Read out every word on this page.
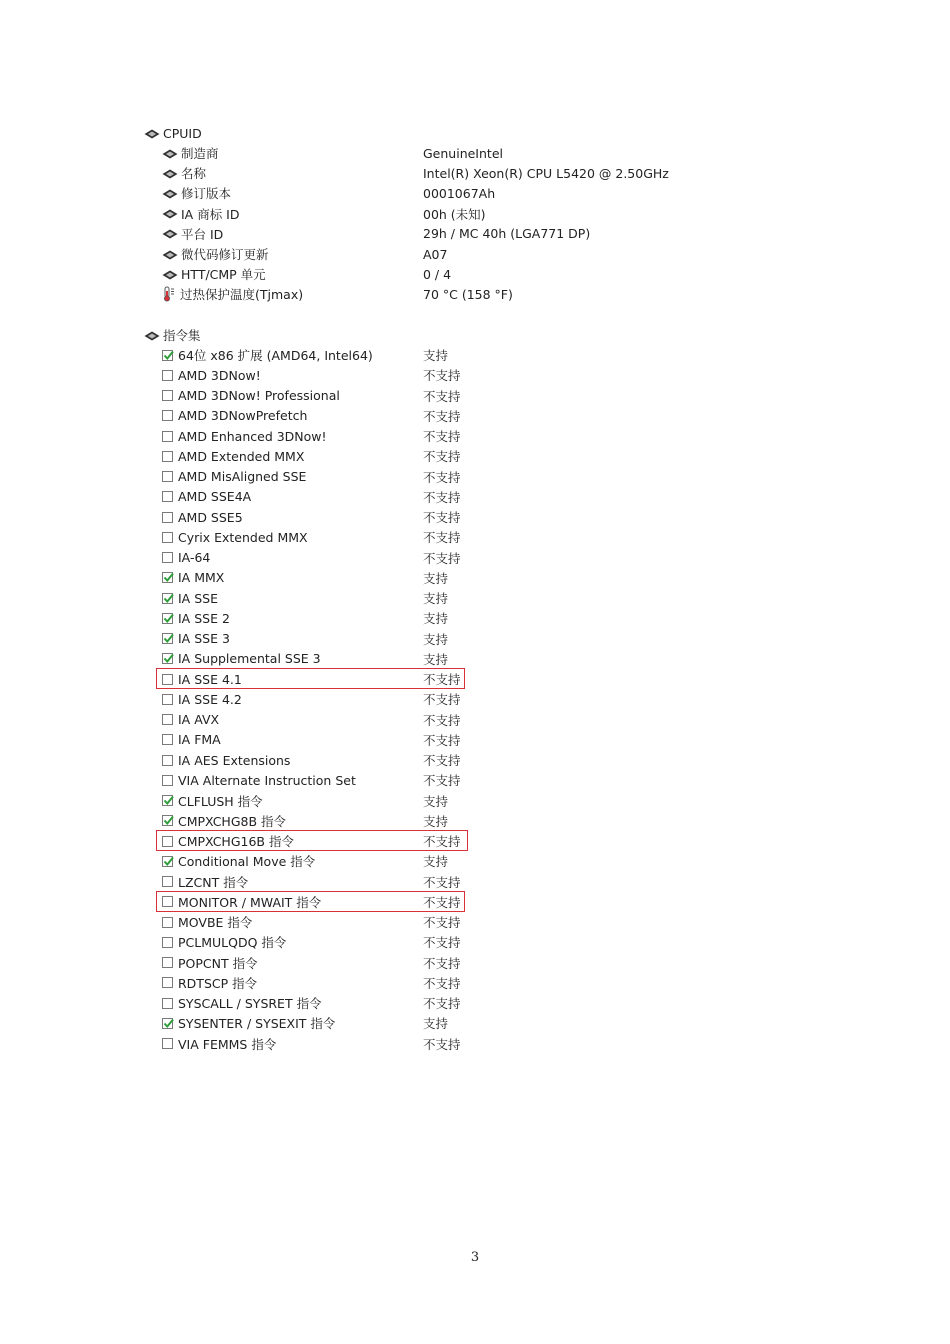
CPUID
制造商	GenuineIntel
名称	Intel(R) Xeon(R) CPU L5420 @ 2.50GHz
修订版本	0001067Ah
IA 商标 ID	00h (未知)
平台 ID	29h / MC 40h (LGA771 DP)
微代码修订更新	A07
HTT/CMP 单元	0 / 4
过热保护温度(Tjmax)	70 °C (158 °F)
指令集
64位 x86 扩展 (AMD64, Intel64)	支持
AMD 3DNow!	不支持
AMD 3DNow! Professional	不支持
AMD 3DNowPrefetch	不支持
AMD Enhanced 3DNow!	不支持
AMD Extended MMX	不支持
AMD MisAligned SSE	不支持
AMD SSE4A	不支持
AMD SSE5	不支持
Cyrix Extended MMX	不支持
IA-64	不支持
IA MMX	支持
IA SSE	支持
IA SSE 2	支持
IA SSE 3	支持
IA Supplemental SSE 3	支持
IA SSE 4.1	不支持
IA SSE 4.2	不支持
IA AVX	不支持
IA FMA	不支持
IA AES Extensions	不支持
VIA Alternate Instruction Set	不支持
CLFLUSH 指令	支持
CMPXCHG8B 指令	支持
CMPXCHG16B 指令	不支持
Conditional Move 指令	支持
LZCNT 指令	不支持
MONITOR / MWAIT 指令	不支持
MOVBE 指令	不支持
PCLMULQDQ 指令	不支持
POPCNT 指令	不支持
RDTSCP 指令	不支持
SYSCALL / SYSRET 指令	不支持
SYSENTER / SYSEXIT 指令	支持
VIA FEMMS 指令	不支持
3
